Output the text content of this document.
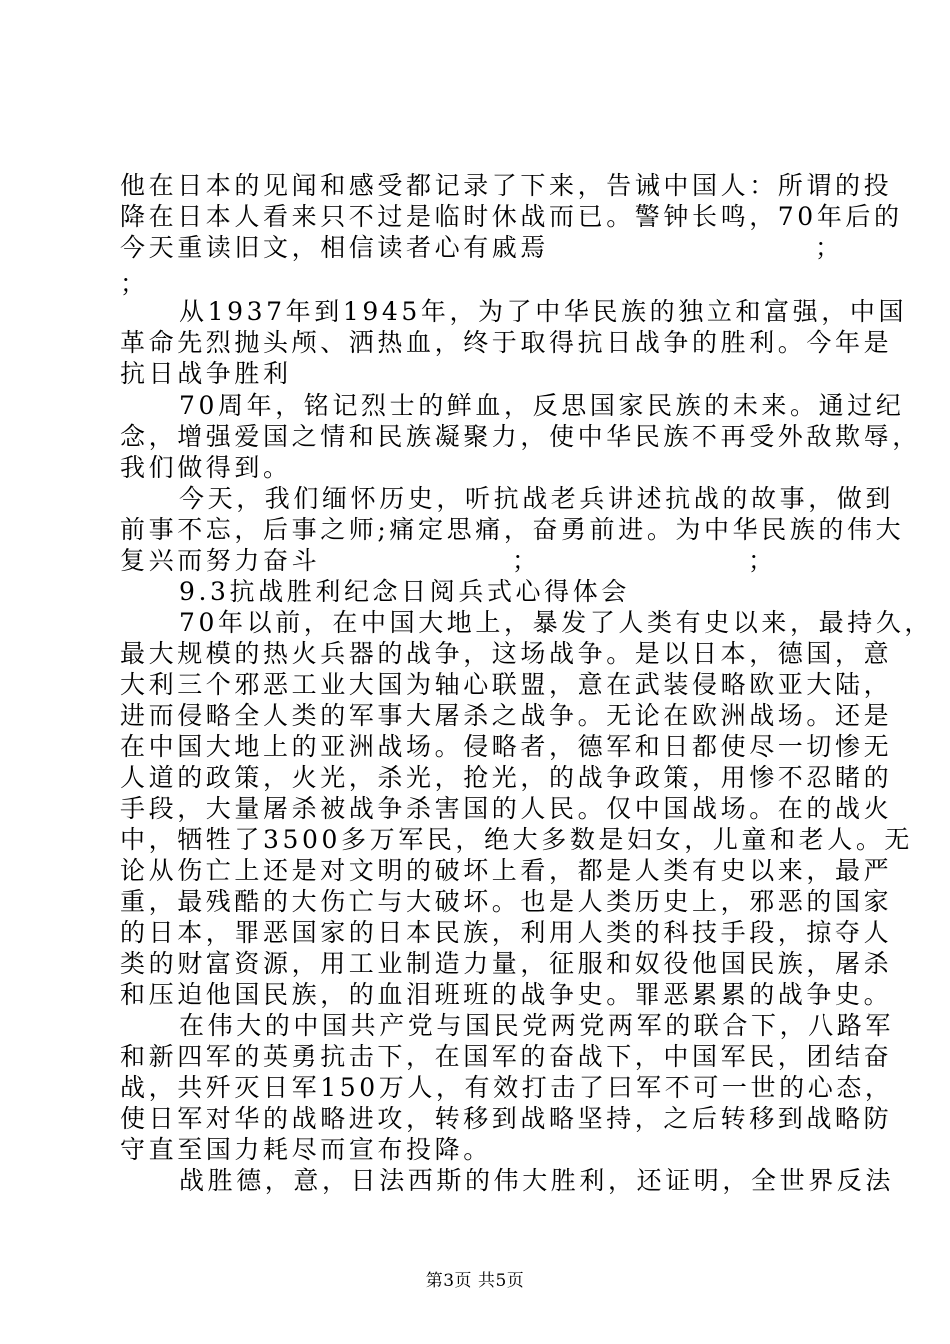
他在日本的见闻和感受都记录了下来，告诫中国人：所谓的投
降在日本人看来只不过是临时休战而已。警钟长鸣，70年后的
今天重读旧文，相信读者心有戚焉	；
；
从1937年到1945年，为了中华民族的独立和富强，中国
革命先烈抛头颅、洒热血，终于取得抗日战争的胜利。今年是
抗日战争胜利
70周年，铭记烈士的鲜血，反思国家民族的未来。通过纪
念，增强爱国之情和民族凝聚力，使中华民族不再受外敌欺辱，
我们做得到。
今天，我们缅怀历史，听抗战老兵讲述抗战的故事，做到
前事不忘，后事之师;痛定思痛，奋勇前进。为中华民族的伟大
复兴而努力奋斗	；	；
9.3抗战胜利纪念日阅兵式心得体会
70年以前，在中国大地上，暴发了人类有史以来，最持久，
最大规模的热火兵器的战争，这场战争。是以日本，德国，意
大利三个邪恶工业大国为轴心联盟，意在武装侵略欧亚大陆，
进而侵略全人类的军事大屠杀之战争。无论在欧洲战场。还是
在中国大地上的亚洲战场。侵略者，德军和日都使尽一切惨无
人道的政策，火光，杀光，抢光，的战争政策，用惨不忍睹的
手段，大量屠杀被战争杀害国的人民。仅中国战场。在的战火
中，牺牲了3500多万军民，绝大多数是妇女，儿童和老人。无
论从伤亡上还是对文明的破坏上看，都是人类有史以来，最严
重，最残酷的大伤亡与大破坏。也是人类历史上，邪恶的国家
的日本，罪恶国家的日本民族，利用人类的科技手段，掠夺人
类的财富资源，用工业制造力量，征服和奴役他国民族，屠杀
和压迫他国民族，的血泪班班的战争史。罪恶累累的战争史。
在伟大的中国共产党与国民党两党两军的联合下，八路军
和新四军的英勇抗击下，在国军的奋战下，中国军民，团结奋
战，共歼灭日军150万人，有效打击了曰军不可一世的心态，
使日军对华的战略进攻，转移到战略坚持，之后转移到战略防
守直至国力耗尽而宣布投降。
战胜德，意，日法西斯的伟大胜利，还证明，全世界反法
第3页 共5页
